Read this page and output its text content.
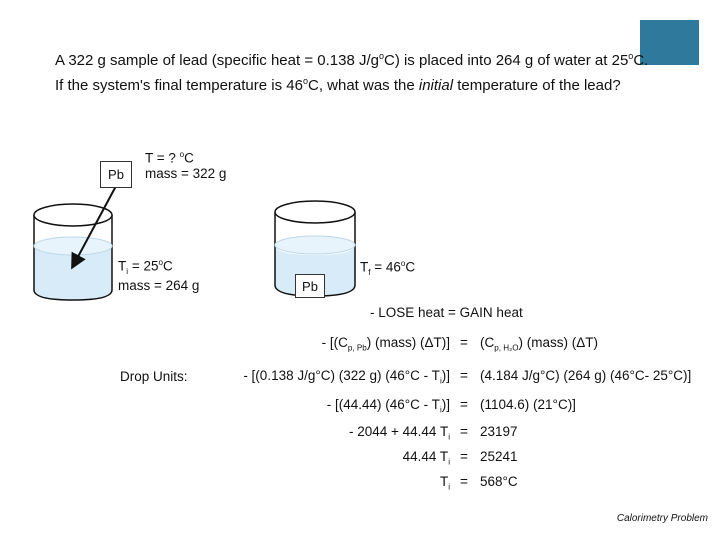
A 322 g sample of lead (specific heat = 0.138 $J/g^oC$) is placed into 264 g of water at 25$^o$C.
If the system's final temperature is 46$^o$C, what was the initial temperature of the lead?
Pb
T = ? $^o$C
mass = 322 g
$T_i = 25^oC$
mass = 264 g
$T_f = 46^oC$
Pb
Drop Units:
- LOSE heat = GAIN heat
- [$(C_{p, Pb})$ (mass) $(\Delta T)] = (C_{p, H_2O})$ (mass) (ΔT)
- [(0.138 J/g°C) (322 g) $(46^\circ C - T_i)] = (4.184$ J/g°C) (264 g) (46°C- 25°C)]
- [(44.44) $(46^\circ C - T_i)] = (1104.6)$ (21°C)]
- 2044 + 44.44 $T_i = 23197$
44.44 $T_i = 25241$
$T_i = 568^\circ C$
Calorimetry Problem
